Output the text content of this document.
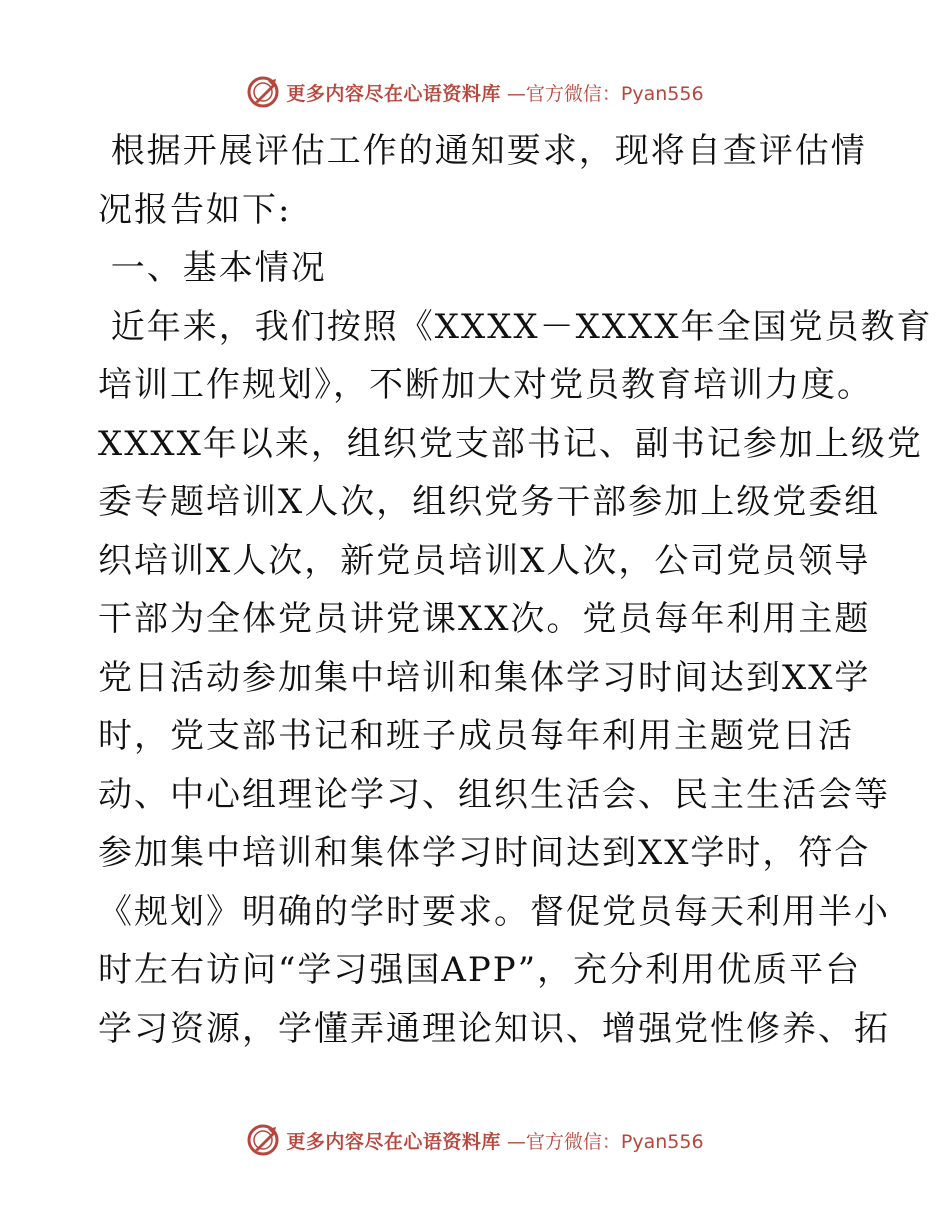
更多内容尽在心语资料库 —官方微信：Pyan556

根据开展评估工作的通知要求，现将自查评估情

况报告如下:

一、基本情况

近年来，我们按照《XXXX－XXXX年全国党员教育

培训工作规划》，不断加大对党员教育培训力度。

XXXX年以来，组织党支部书记、副书记参加上级党

委专题培训X人次，组织党务干部参加上级党委组

织培训X人次，新党员培训X人次，公司党员领导

干部为全体党员讲党课XX次。党员每年利用主题

党日活动参加集中培训和集体学习时间达到XX学

时，党支部书记和班子成员每年利用主题党日活

动、中心组理论学习、组织生活会、民主生活会等

参加集中培训和集体学习时间达到XX学时，符合

《规划》明确的学时要求。督促党员每天利用半小

时左右访问“学习强国APP”，充分利用优质平台

学习资源，学懂弄通理论知识、增强党性修养、拓

更多内容尽在心语资料库 —官方微信：Pyan556
